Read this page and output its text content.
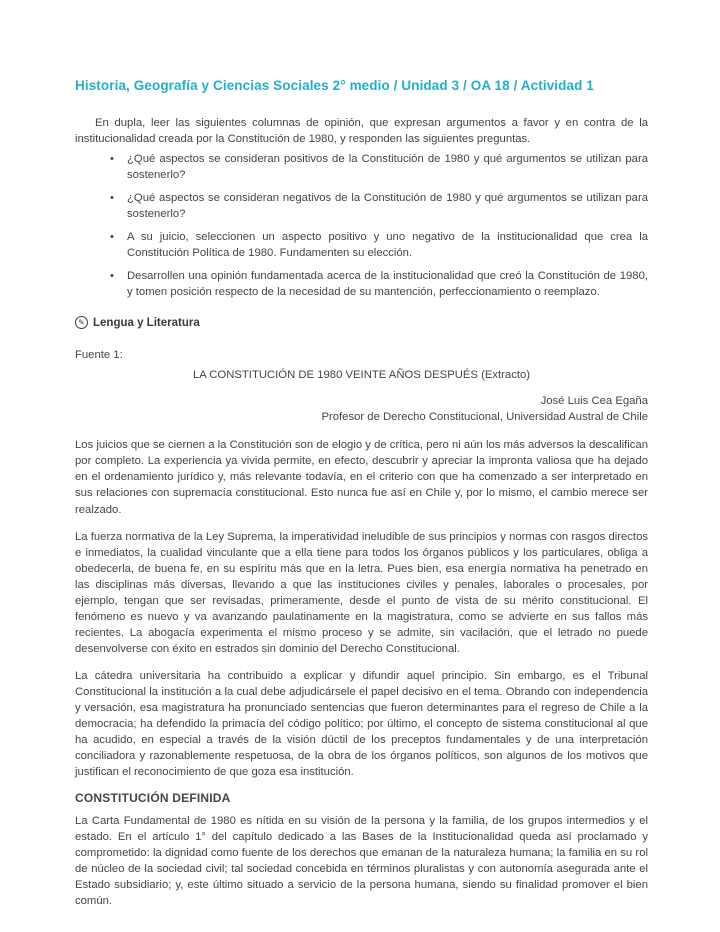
Historia, Geografía y Ciencias Sociales 2° medio / Unidad 3 / OA 18 / Actividad 1

En dupla, leer las siguientes columnas de opinión, que expresan argumentos a favor y en contra de la institucionalidad creada por la Constitución de 1980, y responden las siguientes preguntas.

• ¿Qué aspectos se consideran positivos de la Constitución de 1980 y qué argumentos se utilizan para sostenerlo?
• ¿Qué aspectos se consideran negativos de la Constitución de 1980 y qué argumentos se utilizan para sostenerlo?
• A su juicio, seleccionen un aspecto positivo y uno negativo de la institucionalidad que crea la Constitución Política de 1980. Fundamenten su elección.
• Desarrollen una opinión fundamentada acerca de la institucionalidad que creó la Constitución de 1980, y tomen posición respecto de la necesidad de su mantención, perfeccionamiento o reemplazo.
✎ Lengua y Literatura

Fuente 1:

LA CONSTITUCIÓN DE 1980 VEINTE AÑOS DESPUÉS (Extracto)

José Luis Cea Egaña

Profesor de Derecho Constitucional, Universidad Austral de Chile

Los juicios que se ciernen a la Constitución son de elogio y de crítica, pero ni aún los más adversos la descalifican por completo. La experiencia ya vivida permite, en efecto, descubrir y apreciar la impronta valiosa que ha dejado en el ordenamiento jurídico y, más relevante todavía, en el criterio con que ha comenzado a ser interpretado en sus relaciones con supremacía constitucional. Esto nunca fue así en Chile y, por lo mismo, el cambio merece ser realzado.

La fuerza normativa de la Ley Suprema, la imperatividad ineludible de sus principios y normas con rasgos directos e inmediatos, la cualidad vinculante que a ella tiene para todos los órganos públicos y los particulares, obliga a obedecerla, de buena fe, en su espíritu más que en la letra. Pues bien, esa energía normativa ha penetrado en las disciplinas más diversas, llevando a que las instituciones civiles y penales, laborales o procesales, por ejemplo, tengan que ser revisadas, primeramente, desde el punto de vista de su mérito constitucional. El fenómeno es nuevo y va avanzando paulatinamente en la magistratura, como se advierte en sus fallos más recientes. La abogacía experimenta el mismo proceso y se admite, sin vacilación, que el letrado no puede desenvolverse con éxito en estrados sin dominio del Derecho Constitucional.

La cátedra universitaria ha contribuido a explicar y difundir aquel principio. Sin embargo, es el Tribunal Constitucional la institución a la cual debe adjudicársele el papel decisivo en el tema. Obrando con independencia y versación, esa magistratura ha pronunciado sentencias que fueron determinantes para el regreso de Chile a la democracia; ha defendido la primacía del código político; por último, el concepto de sistema constitucional al que ha acudido, en especial a través de la visión dúctil de los preceptos fundamentales y de una interpretación conciliadora y razonablemente respetuosa, de la obra de los órganos políticos, son algunos de los motivos que justifican el reconocimiento de que goza esa institución.

CONSTITUCIÓN DEFINIDA

La Carta Fundamental de 1980 es nítida en su visión de la persona y la familia, de los grupos intermedios y el estado. En el artículo 1° del capítulo dedicado a las Bases de la Institucionalidad queda así proclamado y comprometido: la dignidad como fuente de los derechos que emanan de la naturaleza humana; la familia en su rol de núcleo de la sociedad civil; tal sociedad concebida en términos pluralistas y con autonomía asegurada ante el Estado subsidiario; y, este último situado a servicio de la persona humana, siendo su finalidad promover el bien común.
